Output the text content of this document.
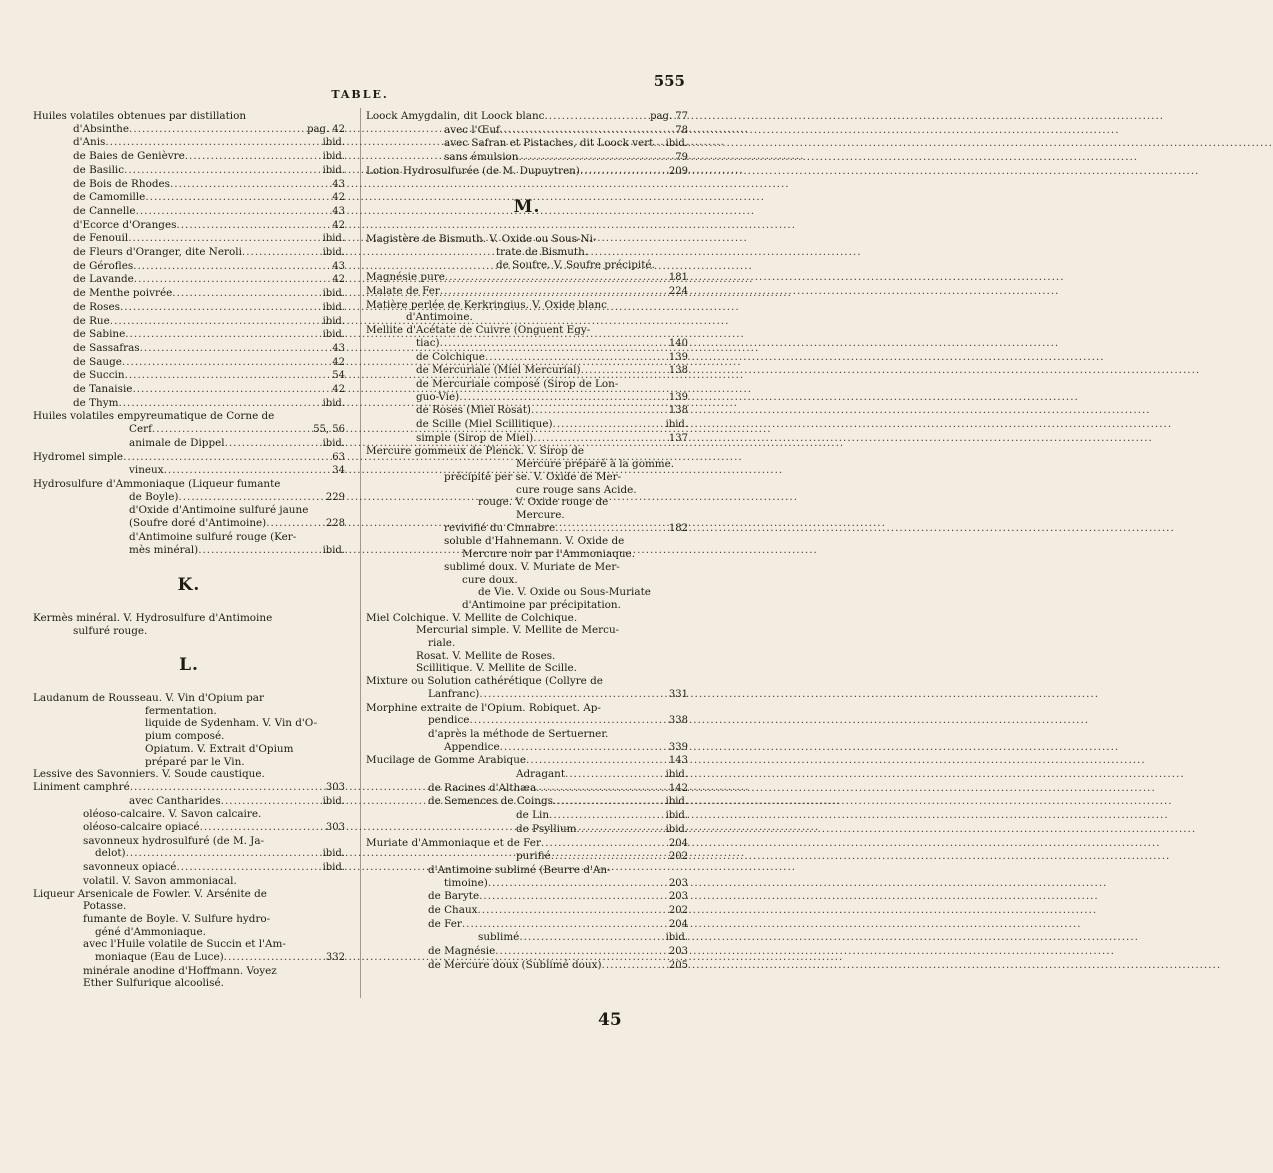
TABLE.
555
Huiles volatiles obtenues par distillation
d'Absinthe .....	pag. 42
d'Anis .....	ibid.
de Baies de Genièvre .....	ibid.
de Basilic .....	ibid.
de Bois de Rhodes .....	43
de Camomille .....	42
de Cannelle .....	43
d'Ecorce d'Oranges .....	42
de Fenouil .....	ibid.
de Fleurs d'Oranger, dite Neroli .....	ibid.
de Gérofles .....	43
de Lavande .....	42
de Menthe poivrée .....	ibid.
de Roses .....	ibid.
de Rue .....	ibid.
de Sabine .....	ibid.
de Sassafras .....	43
de Sauge .....	42
de Succin .....	54
de Tanaisie .....	42
de Thym .....	ibid.
Huiles volatiles empyreumatique de Corne de
Cerf .....	55, 56
animale de Dippel .....	ibid.
Hydromel simple .....	63
vineux .....	34
Hydrosulfure d'Ammoniaque (Liqueur fumante
de Boyle) .....	229
d'Oxide d'Antimoine sulfuré jaune
(Soufre doré d'Antimoine) .....	228
d'Antimoine sulfuré rouge (Ker-
mès minéral) .....	ibid.
K.
Kermès minéral. V. Hydrosulfure d'Antimoine
sulfuré rouge.
L.
Laudanum de Rousseau. V. Vin d'Opium par
fermentation.
liquide de Sydenham. V. Vin d'O-
pium composé.
Opiatum. V. Extrait d'Opium
préparé par le Vin.
Lessive des Savonniers. V. Soude caustique.
Liniment camphré .....	303
avec Cantharides .....	ibid.
oléoso-calcaire. V. Savon calcaire.
oléoso-calcaire opiacé .....	303
savonneux hydrosulfuré (de M. Ja-
delot) .....	ibid.
savonneux opiacé .....	ibid.
volatil. V. Savon ammoniacal.
Liqueur Arsenicale de Fowler. V. Arsénite de
Potasse.
fumante de Boyle. V. Sulfure hydro-
géné d'Ammoniaque.
avec l'Huile volatile de Succin et l'Am-
moniaque (Eau de Luce) .....	332
minérale anodine d'Hoffmann. Voyez
Ether Sulfurique alcoolisé.
Loock Amygdalin, dit Loock blanc .....	pag. 77
avec l'Œuf .....	78
avec Safran et Pistaches, dit Loock vert .....	ibid.
sans émulsion .....	79
Lotion Hydrosulfurée (de M. Dupuytren) .....	209
M.
Magistère de Bismuth. V. Oxide ou Sous-Ni-
trate de Bismuth.
de Soufre. V. Soufre précipité.
Magnésie pure .....	181
Malate de Fer .....	224
Matière perlée de Kerkringius. V. Oxide blanc
d'Antimoine.
Mellite d'Acétate de Cuivre (Onguent Egy-
tiac) .....	140
de Colchique .....	139
de Mercuriale (Miel Mercurial) .....	138
de Mercuriale composé (Sirop de Lon-
guo-Vie) .....	139
de Roses (Miel Rosat) .....	138
de Scille (Miel Scillitique) .....	ibid.
simple (Sirop de Miel) .....	137
Mercure gommeux de Plenck. V. Sirop de
Mercure préparé à la gomme.
précipité per se. V. Oxide de Mer-
cure rouge sans Acide.
rouge. V. Oxide rouge de
Mercure.
revivifié du Cinnabre .....	182
soluble d'Hahnemann. V. Oxide de
Mercure noir par l'Ammoniaque.
sublimé doux. V. Muriate de Mer-
cure doux.
de Vie. V. Oxide ou Sous-Muriate
d'Antimoine par précipitation.
Miel Colchique. V. Mellite de Colchique.
Mercurial simple. V. Mellite de Mercu-
riale.
Rosat. V. Mellite de Roses.
Scillitique. V. Mellite de Scille.
Mixture ou Solution cathérétique (Collyre de
Lanfranc) .....	331
Morphine extraite de l'Opium. Robiquet. Ap-
pendice .....	338
d'après la méthode de Sertuerner.
Appendice .....	339
Mucilage de Gomme Arabique .....	143
Adragant .....	ibid.
de Racines d'Althæa .....	142
de Semences de Coings .....	ibid.
de Lin .....	ibid.
de Psyllium .....	ibid.
Muriate d'Ammoniaque et de Fer .....	204
purifié .....	202
d'Antimoine sublimé (Beurre d'An-
timoine) .....	203
de Baryte .....	203
de Chaux .....	202
de Fer .....	204
sublimé .....	ibid.
de Magnésie .....	203
de Mercure doux (Sublimé doux) .....	205
45
